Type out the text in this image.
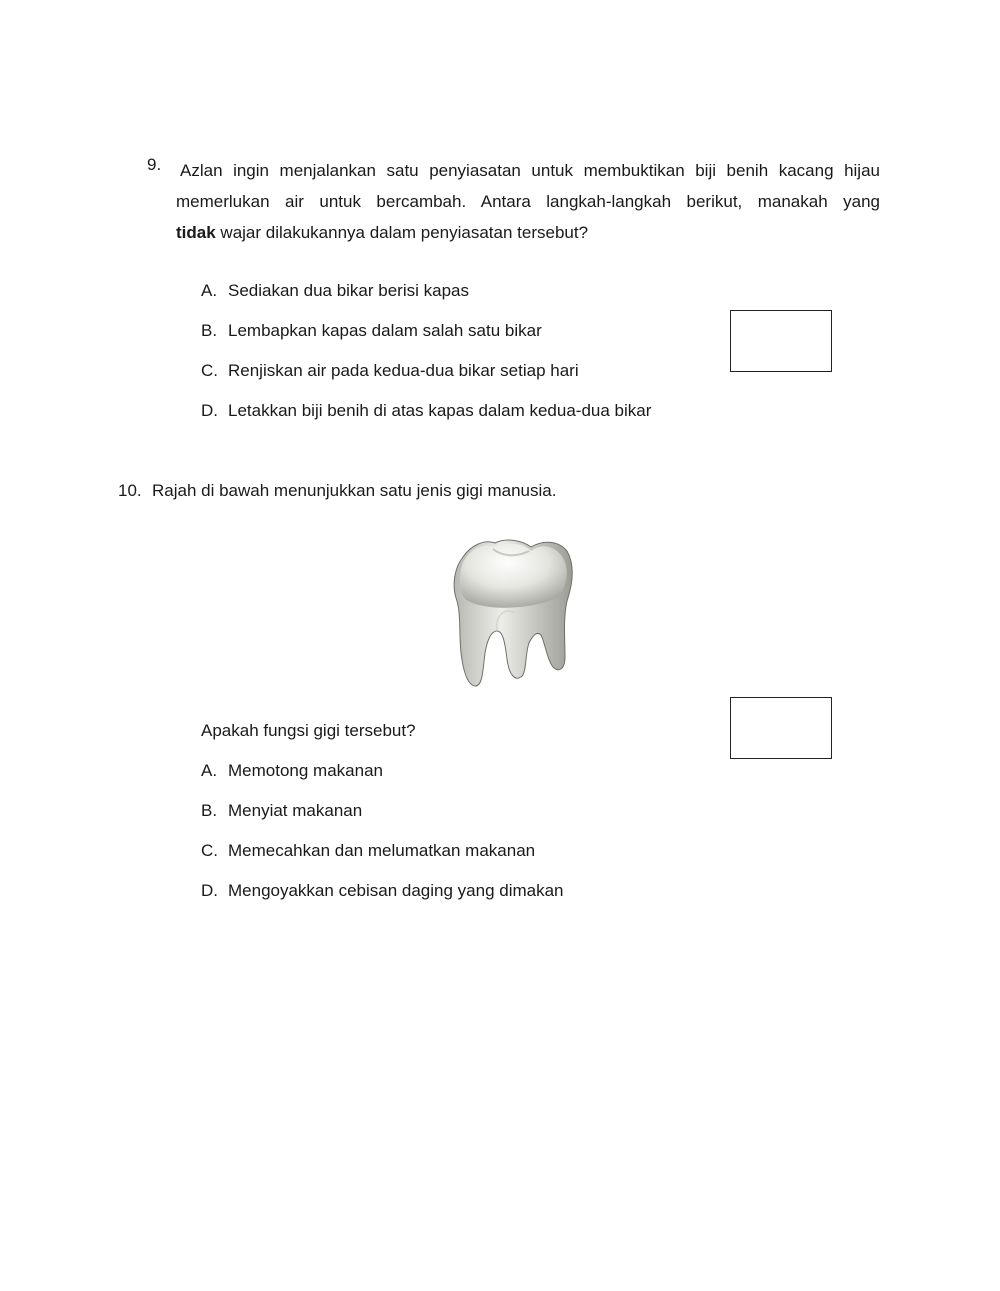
9. Azlan ingin menjalankan satu penyiasatan untuk membuktikan biji benih kacang hijau
memerlukan air untuk bercambah. Antara langkah-langkah berikut, manakah yang
tidak wajar dilakukannya dalam penyiasatan tersebut?
A. Sediakan dua bikar berisi kapas
B. Lembapkan kapas dalam salah satu bikar
C. Renjiskan air pada kedua-dua bikar setiap hari
D. Letakkan biji benih di atas kapas dalam kedua-dua bikar
10. Rajah di bawah menunjukkan satu jenis gigi manusia.
Apakah fungsi gigi tersebut?
A. Memotong makanan
B. Menyiat makanan
C. Memecahkan dan melumatkan makanan
D. Mengoyakkan cebisan daging yang dimakan
